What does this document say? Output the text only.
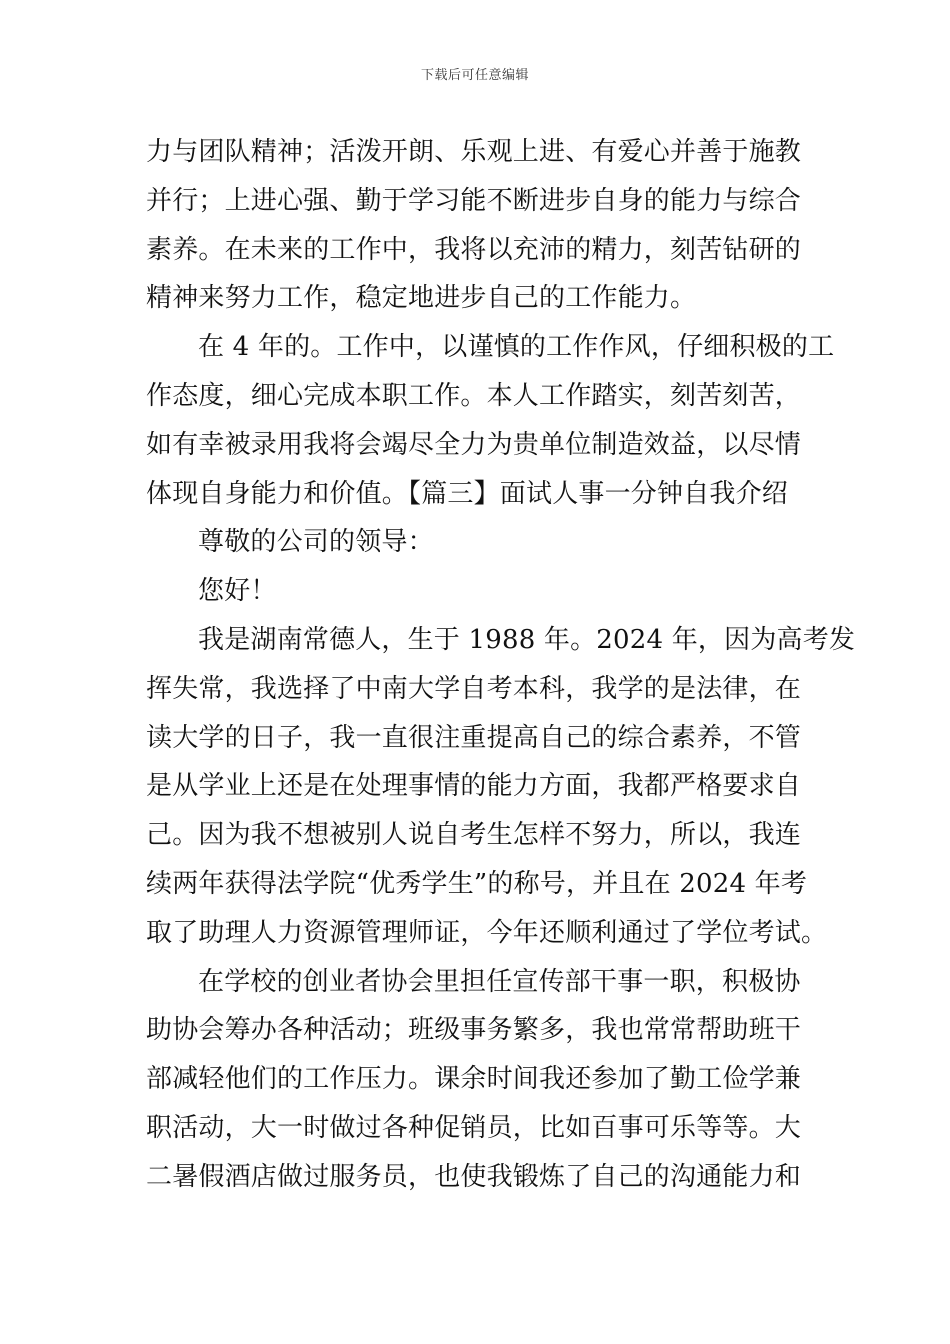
下载后可任意编辑
力与团队精神；活泼开朗、乐观上进、有爱心并善于施教
并行；上进心强、勤于学习能不断进步自身的能力与综合
素养。在未来的工作中，我将以充沛的精力，刻苦钻研的
精神来努力工作，稳定地进步自己的工作能力。
在 4 年的。工作中，以谨慎的工作作风，仔细积极的工
作态度，细心完成本职工作。本人工作踏实，刻苦刻苦，
如有幸被录用我将会竭尽全力为贵单位制造效益，以尽情
体现自身能力和价值。【篇三】面试人事一分钟自我介绍
尊敬的公司的领导：
您好！
我是湖南常德人，生于 1988 年。2024 年，因为高考发
挥失常，我选择了中南大学自考本科，我学的是法律，在
读大学的日子，我一直很注重提高自己的综合素养，不管
是从学业上还是在处理事情的能力方面，我都严格要求自
己。因为我不想被别人说自考生怎样不努力，所以，我连
续两年获得法学院“优秀学生”的称号，并且在 2024 年考
取了助理人力资源管理师证，今年还顺利通过了学位考试。
在学校的创业者协会里担任宣传部干事一职，积极协
助协会筹办各种活动；班级事务繁多，我也常常帮助班干
部减轻他们的工作压力。课余时间我还参加了勤工俭学兼
职活动，大一时做过各种促销员，比如百事可乐等等。大
二暑假酒店做过服务员，也使我锻炼了自己的沟通能力和
